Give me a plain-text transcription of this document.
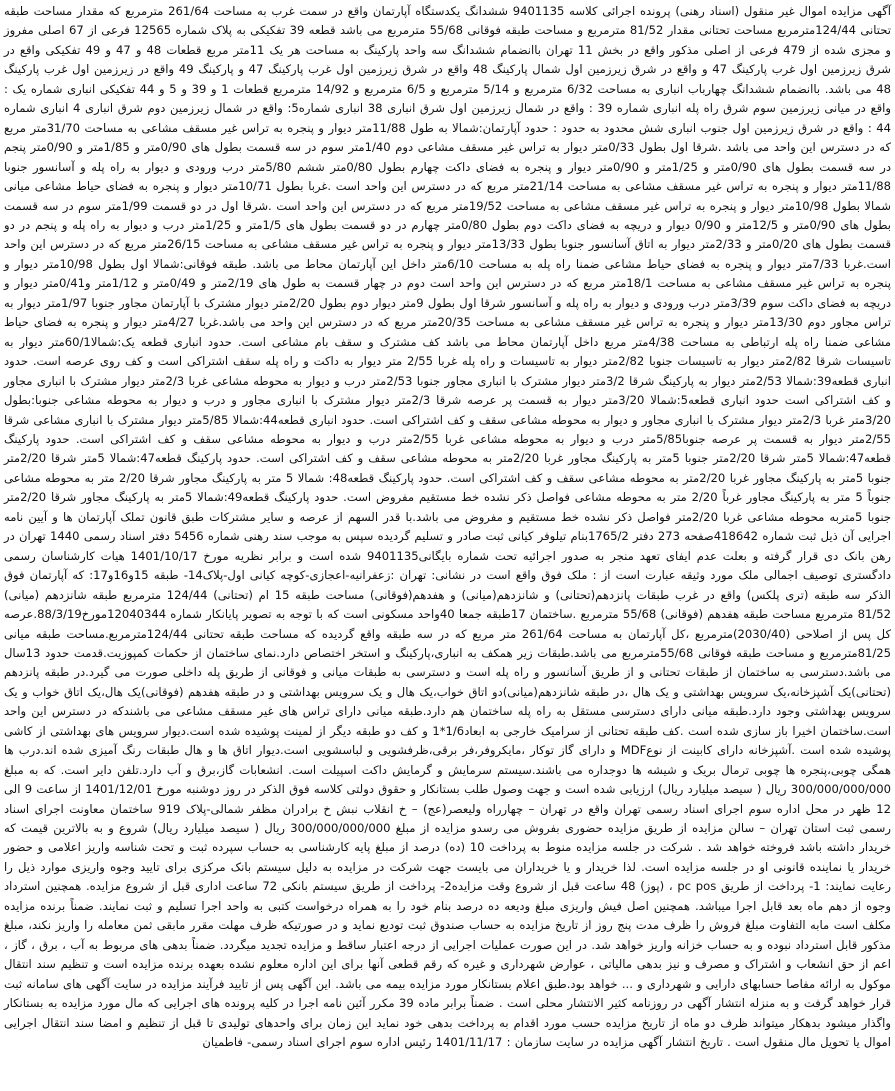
آگهی مزایده اموال غیر منقول (اسناد رهنی) پرونده اجرائی کلاسه 9401135 ششدانگ یکدستگاه آپارتمان واقع در سمت غرب به مساحت 261/64 مترمربع که مقدار مساحت طبقه تحتانی 124/44مترمربع مساحت تحتانی مقدار 81/52 مترمربع و مساحت طبقه فوقانی 55/68 مترمربع می باشد قطعه 39 تفکیکی به پلاک شماره 12565 فرعی از 67 اصلی مفروز و مجزی شده از 479 فرعی از اصلی مذکور واقع در بخش 11 تهران باانضمام ششدانگ سه واحد پارکینگ به مساحت هر یک 11متر مربع قطعات 48 و 47 و 49 تفکیکی واقع در شرق زیرزمین اول غرب پارکینگ 47 و واقع در شرق زیرزمین اول شمال پارکینگ 48 واقع در شرق زیرزمین اول غرب پارکینگ 47 و پارکینگ 49 واقع در زیرزمین اول غرب پارکینگ 48 می باشد. باانضمام ششدانگ چهارباب انباری به مساحت 6/32 مترمربع و 5/14 مترمربع و 6/5 مترمربع و 14/92 مترمربع قطعات 1 و 39 و 5 و 44 تفکیکی انباری شماره یک : واقع در میانی زیرزمین سوم شرق راه پله انباری شماره 39 : واقع در شمال زیرزمین اول شرق انباری 38 انباری شماره5: واقع در شمال زیرزمین دوم شرق انباری 4 انباری شماره 44 : واقع در شرق زیرزمین اول جنوب انباری شش محدود به حدود : حدود آپارتمان:شمالا به طول 11/88متر دیوار و پنجره به تراس غیر مسقف مشاعی به مساحت 31/70متر مربع که در دسترس این واحد می باشد .شرقا اول بطول 0/33متر دیوار به تراس غیر مسقف مشاعی دوم 1/40متر سوم در سه قسمت بطول های 0/90متر و 1/85متر و 0/90متر پنجم در سه قسمت بطول های 0/90متر و 1/25متر و 0/90متر دیوار و پنجره به فضای داکت چهارم بطول 0/80متر ششم 5/80متر درب ورودی و دیوار به راه پله و آسانسور جنوبا 11/88متر دیوار و پنجره به تراس غیر مسقف مشاعی به مساحت 21/14متر مربع که در دسترس این واحد است .غربا بطول 10/71متر دیوار و پنجره به فضای حیاط مشاعی میانی شمالا بطول 10/98متر دیوار و پنجره به تراس غیر مسقف مشاعی به مساحت 19/52متر مربع که در دسترس این واحد است .شرقا اول در دو قسمت 1/99متر سوم در سه قسمت بطول های 0/90متر و 12/5متر و 0/90 دیوار و دریچه به فضای داکت دوم بطول 0/80متر چهارم در دو قسمت بطول های 1/5متر و 1/25متر درب و دیوار به راه پله و پنجم در دو قسمت بطول های 0/20متر و 2/33متر دیوار به اتاق آسانسور جنوبا بطول 13/33متر دیوار و پنجره به تراس غیر مسقف مشاعی به مساحت 26/15متر مربع که در دسترس این واحد است.غربا 7/33متر دیوار و پنجره به فضای حیاط مشاعی ضمنا راه پله به مساحت 6/10متر داخل این آپارتمان محاط می باشد. طبقه فوقانی:شمالا اول بطول 10/98متر دیوار و پنجره به تراس غیر مسقف مشاعی به مساحت 18/1متر مربع که در دسترس این واحد است دوم در چهار قسمت به طول های 2/19متر و 0/49متر و 1/12متر و0/41متر دیوار و دریچه به فضای داکت سوم 3/39متر درب ورودی و دیوار به راه پله و آسانسور شرقا اول بطول 9متر دیوار دوم بطول 2/20متر دیوار مشترک با آپارتمان مجاور جنوبا 1/97متر دیوار به تراس مجاور دوم 13/30متر دیوار و پنجره به تراس غیر مسقف مشاعی به مساحت 20/35متر مربع که در دسترس این واحد می باشد.غربا 4/27متر دیوار و پنجره به فضای حیاط مشاعی ضمنا راه پله ارتباطی به مساحت 4/38متر مربع داخل آپارتمان محاط می باشد کف مشترک و سقف بام مشاعی است. حدود انباری قطعه یک:شمالا60/1متر دیوار به تاسیسات شرقا 2/82متر دیوار به تاسیسات جنوبا 2/82متر دیوار به تاسیسات و راه پله غربا 2/55 متر دیوار به داکت و راه پله سقف اشتراکی است و کف روی عرصه است. حدود انباری قطعه39:شمالا 2/53متر دیوار به پارکینگ شرقا 3/2متر دیوار مشترک با انباری مجاور جنوبا 2/53متر درب و دیوار به محوطه مشاعی غربا 2/3متر دیوار مشترک با انباری مجاور و کف اشتراکی است حدود انباری قطعه5:شمالا 3/20متر دیوار به قسمت پر عرصه شرقا 2/3متر دیوار مشترک با انباری مجاور و درب و دیوار به محوطه مشاعی جنوبا:بطول 3/20متر غربا 2/3متر دیوار مشترک با انباری مجاور و دیوار به محوطه مشاعی سقف و کف اشتراکی است. حدود انباری قطعه44:شمالا 5/85متر دیوار مشترک با انباری مشاعی شرقا 2/55متر دیوار به قسمت پر عرصه جنوبا5/85متر درب و دیوار به محوطه مشاعی غربا 2/55متر درب و دیوار به محوطه مشاعی سقف و کف اشتراکی است. حدود پارکینگ قطعه47:شمالا 5متر شرقا 2/20متر جنوبا 5متر به پارکینگ مجاور غربا 2/20متر به محوطه مشاعی سقف و کف اشتراکی است. حدود پارکینگ قطعه47:شمالا 5متر شرقا 2/20متر جنوبا 5متر به پارکینگ مجاور غربا 2/20متر به محوطه مشاعی سقف و کف اشتراکی است. حدود پارکینگ قطعه48: شمالا 5 متر به پارکینگ مجاور شرقا 2/20 متر به محوطه مشاعی جنوباً 5 متر به پارکینگ مجاور غرباً 2/20 متر به محوطه مشاعی فواصل ذکر نشده خط مستقیم مفروض است. حدود پارکینگ قطعه49:شمالا 5متر به پارکینگ مجاور شرقا 2/20متر جنوبا 5متربه محوطه مشاعی غربا 2/20متر فواصل ذکر نشده خط مستقیم و مفروض می باشد.با قدر السهم از عرصه و سایر مشترکات طبق قانون تملک آپارتمان ها و آیین نامه اجرایی آن ذیل ثبت شماره 418642صفحه 273 دفتر 1765/2بنام تیلوفر کیانی ثبت صادر و تسلیم گردیده سپس به موجب سند رهنی شماره 5456 دفتر اسناد رسمی 1440 تهران در رهن بانک دی قرار گرفته و بعلت عدم ایفای تعهد منجر به صدور اجرائیه تحت شماره بایگانی9401135 شده است و برابر نظریه مورخ 1401/10/17 هیات کارشناسان رسمی دادگستری توصیف اجمالی ملک مورد وثیقه عبارت است از : ملک فوق واقع است در نشانی: تهران :زعفرانیه-اعجازی-کوچه کیانی اول-پلاک14- طبقه 15و16و17: که آپارتمان فوق الذکر سه طبقه (تری پلکس) واقع در غرب طبقات پانزدهم(تحتانی) و شانزدهم(میانی) و هفدهم(فوقانی) مساحت طبقه 15 ام (تحتانی) 124/44 مترمربع طبقه شانزدهم (میانی) 81/52 مترمربع مساحت طبقه هفدهم (فوقانی) 55/68 مترمربع .ساختمان 17طبقه جمعا 40واحد مسکونی است که با توجه به تصویر پایانکار شماره 12040344مورخ88/3/19.عرصه کل پس از اصلاحی (2030/40)مترمربع ،کل آپارتمان به مساحت 261/64 متر مربع که در سه طبقه واقع گردیده که مساحت طبقه تحتانی 124/44مترمربع.مساحت طبقه میانی 81/25مترمربع و مساحت طبقه فوقانی 55/68مترمربع می باشد.طبقات زیر همکف به انباری،پارکینگ و استخر اختصاص دارد.نمای ساختمان از حکمات کمپوزیت.قدمت حدود 13سال می باشد.دسترسی به ساختمان از طبقات تحتانی و از طریق آسانسور و راه پله است و دسترسی به طبقات میانی و فوقانی از طریق پله داخلی صورت می گیرد.در طبقه پانزدهم (تحتانی)یک آشپزخانه،یک سرویس بهداشتی و یک هال ،در طبقه شانزدهم(میانی)دو اتاق خواب،یک هال و یک سرویس بهداشتی و در طبقه هفدهم (فوقانی)یک هال،یک اتاق خواب و یک سرویس بهداشتی وجود دارد.طبقه میانی دارای دسترسی مستقل به راه پله ساختمان هم دارد.طبقه میانی دارای تراس های غیر مسقف مشاعی می باشندکه در دسترس این واحد است.ساختمان اخیرا باز سازی شده است .کف طبقه تحتانی از سرامیک خارجی به ابعاد1/6*1 و کف دو طبقه دیگر از لمینت پوشیده شده است.دیوار سرویس های بهداشتی از کاشی پوشیده شده است .آشپزخانه دارای کابینت از نوعMDF و دارای گاز توکار ،مایکروفر،فر برقی،ظرفشویی و لباسشویی است.دیوار اتاق ها و هال طبقات رنگ آمیزی شده اند.درب ها همگی چوبی،پنجره ها چوبی ترمال بریک و شیشه ها دوجداره می باشند.سیستم سرمایش و گرمایش داکت اسپیلت است. انشعابات گاز،برق و آب دارد.تلفن دایر است. که به مبلغ 300/000/000/000 ریال ( سیصد میلیارد ریال) ارزیابی شده است و جهت وصول طلب بستانکار و حقوق دولتی کلاسه فوق الذکر در روز دوشنبه مورخ 1401/12/01 از ساعت 9 الی 12 ظهر در محل اداره سوم اجرای اسناد رسمی تهران واقع در تهران – چهارراه ولیعصر(عج) – خ انقلاب نبش خ برادران مظفر شمالی-پلاک 919 ساختمان معاونت اجرای اسناد رسمی ثبت استان تهران – سالن مزایده از طریق مزایده حضوری بفروش می رسدو مزایده از مبلغ 300/000/000/000 ریال ( سیصد میلیارد ریال) شروع و به بالاترین قیمت که خریدار داشته باشد فروخته خواهد شد . شرکت در جلسه مزایده منوط به پرداخت 10 (ده) درصد از مبلغ پایه کارشناسی به حساب سپرده ثبت و تحت شناسه واریز اعلامی و حضور خریدار یا نماینده قانونی او در جلسه مزایده است. لذا خریدار و یا خریداران می بایست جهت شرکت در مزایده به دلیل سیستم بانک مرکزی برای تایید وجوه واریزی موارد ذیل را رعایت نمایند: 1- پرداخت از طریق pc pos ، (پوز) 48 ساعت قبل از شروع وقت مزایده2- پرداخت از طریق سیستم بانکی 72 ساعت اداری قبل از شروع مزایده. همچنین استرداد وجوه از دهم ماه بعد قابل اجرا میباشد. همچنین اصل فیش واریزی مبلغ ودیعه ده درصد بنام خود را به همراه درخواست کتبی به واحد اجرا تسلیم و ثبت نمایند. ضمناً برنده مزایده مکلف است مابه التفاوت مبلغ فروش را ظرف مدت پنج روز از تاریخ مزایده به حساب صندوق ثبت تودیع نماید و در صورتیکه ظرف مهلت مقرر مابقی ثمن معامله را واریز نکند، مبلغ مذکور قابل استرداد نبوده و به حساب خزانه واریز خواهد شد. در این صورت عملیات اجرایی از درجه اعتبار ساقط و مزایده تجدید میگردد. ضمناً بدهی های مربوط به آب ، برق ، گاز ، اعم از حق انشعاب و اشتراک و مصرف و نیز بدهی مالیاتی ، عوارض شهرداری و غیره که رقم قطعی آنها برای این اداره معلوم نشده بعهده برنده مزایده است و تنظیم سند انتقال موکول به ارائه مفاصا حسابهای دارایی و شهرداری و ... خواهد بود.طبق اعلام بستانکار مورد مزایده بیمه می باشد. این آگهی پس از تایید فرآیند مزایده در سایت آگهی های سامانه ثبت قرار خواهد گرفت و به منزله انتشار آگهی در روزنامه کثیر الانتشار محلی است . ضمناً برابر ماده 39 مکرر آئین نامه اجرا در کلیه پرونده های اجرایی که مال مورد مزایده به بستانکار واگذار میشود بدهکار میتواند ظرف دو ماه از تاریخ مزایده حسب مورد اقدام به پرداخت بدهی خود نماید این زمان برای واحدهای تولیدی تا قبل از تنظیم و امضا سند انتقال اجرایی اموال یا تحویل مال منقول است . تاریخ انتشار آگهی مزایده در سایت سازمان : 1401/11/17 رئیس اداره سوم اجرای اسناد رسمی- فاطمیان
